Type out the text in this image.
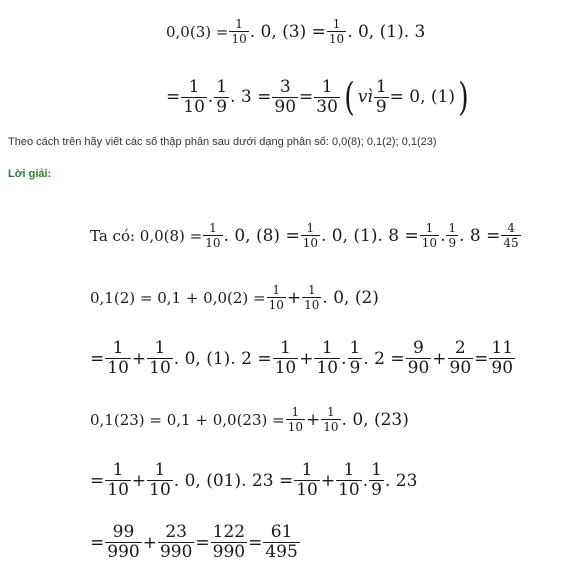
$0,0(3) = \frac{1}{10}$ . 0, $(3) = \frac{1}{10}$ . 0, (1). 3
= $\frac{1}{10}$ . $\frac{1}{9}$ . $3 = \frac{3}{90} = \frac{1}{30}$ ( vì $\frac{1}{9} = 0$, (1) )
Theo cách trên hãy viết các số thập phân sau dưới dạng phân số: 0,0(8); 0,1(2); 0,1(23)
Lời giải:
Ta có: $0,0(8) = \frac{1}{10}$ . 0, $(8) = \frac{1}{10}$ . 0, (1). $8 = \frac{1}{10}$ . $\frac{1}{9}$ . $8 = \frac{4}{45}$
$0,1(2) = 0,1 + 0,0(2) = \frac{1}{10} + \frac{1}{10}$ . 0, (2)
= $\frac{1}{10} + \frac{1}{10}$ . 0, (1). $2 = \frac{1}{10} + \frac{1}{10}$ . $\frac{1}{9}$ . $2 = \frac{9}{90} + \frac{2}{90} = \frac{11}{90}$
$0,1(23) = 0,1 + 0,0(23) = \frac{1}{10} + \frac{1}{10}$ . 0, (23)
= $\frac{1}{10} + \frac{1}{10}$ . 0, (01). $23 = \frac{1}{10} + \frac{1}{10}$ . $\frac{1}{9}$ . 23
= $\frac{99}{990} + \frac{23}{990} = \frac{122}{990} = \frac{61}{495}$
